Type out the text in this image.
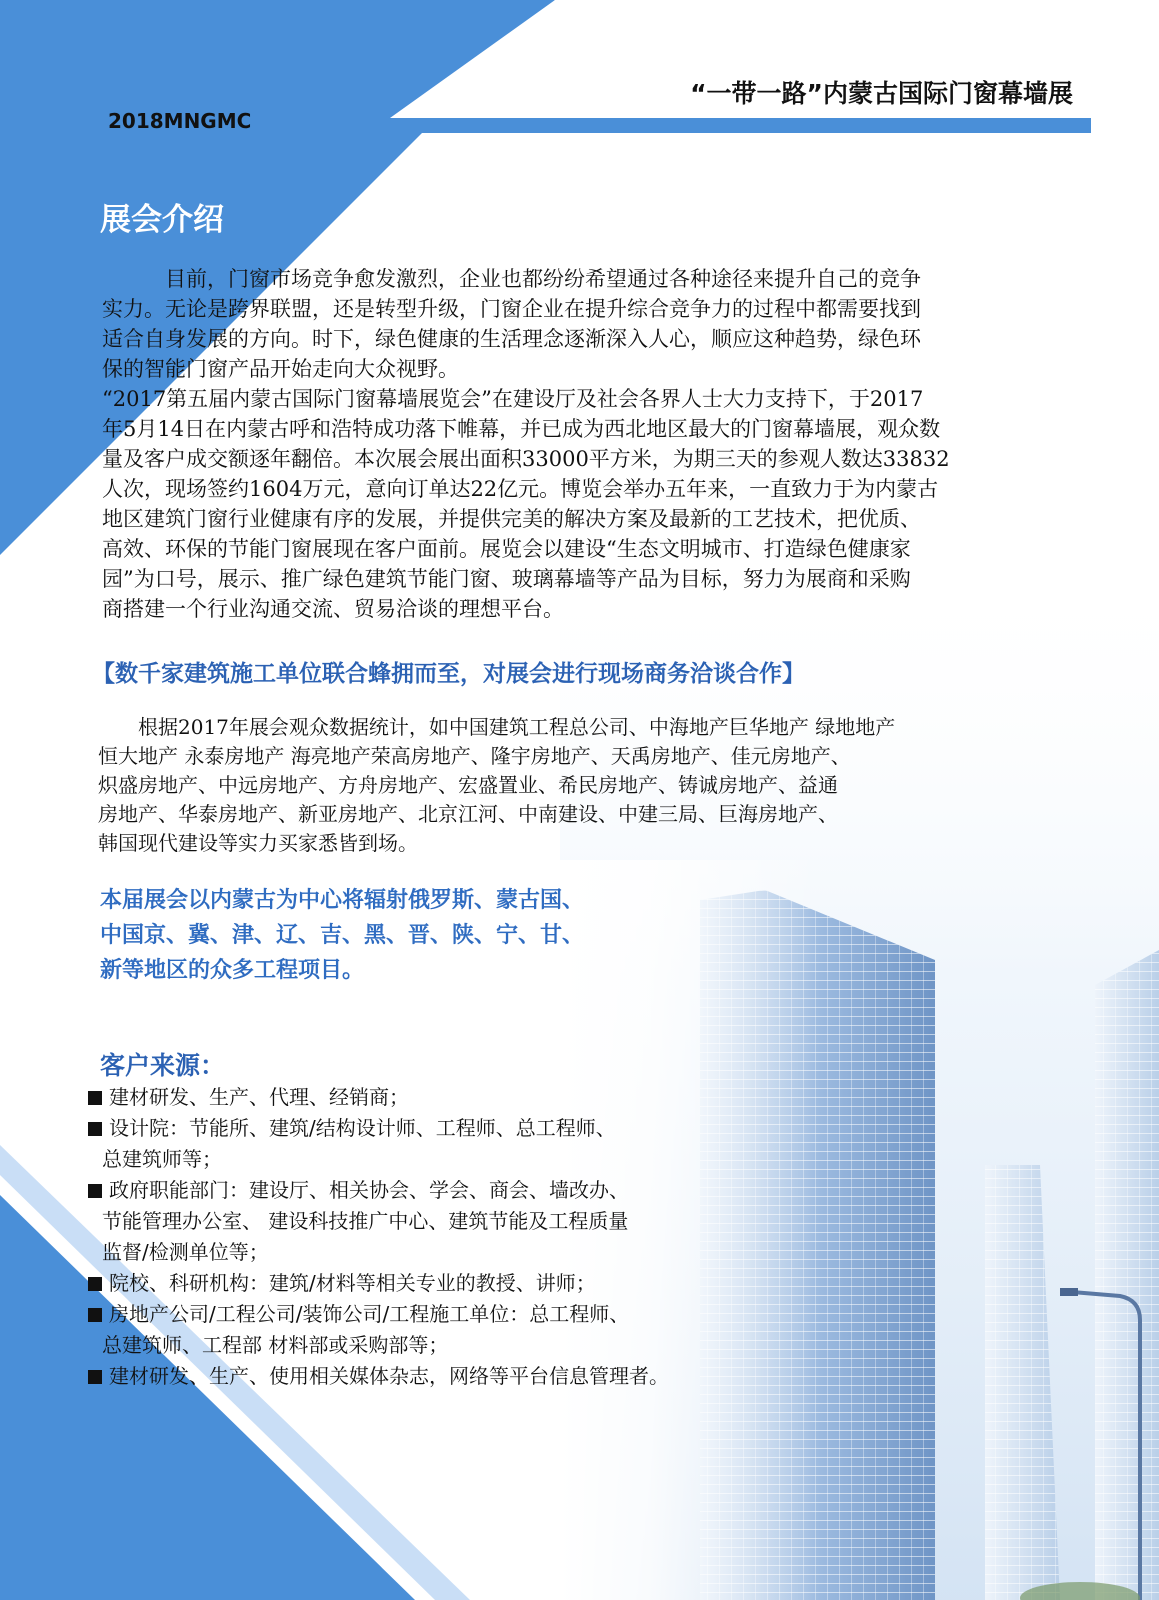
“一带一路”内蒙古国际门窗幕墙展
2018MNGMC
展会介绍

　　　目前，门窗市场竞争愈发激烈，企业也都纷纷希望通过各种途径来提升自己的竞争

实力。无论是跨界联盟，还是转型升级，门窗企业在提升综合竞争力的过程中都需要找到

适合自身发展的方向。时下，绿色健康的生活理念逐渐深入人心，顺应这种趋势，绿色环

保的智能门窗产品开始走向大众视野。

“2017第五届内蒙古国际门窗幕墙展览会”在建设厅及社会各界人士大力支持下，于2017

年5月14日在内蒙古呼和浩特成功落下帷幕，并已成为西北地区最大的门窗幕墙展，观众数

量及客户成交额逐年翻倍。本次展会展出面积33000平方米，为期三天的参观人数达33832

人次，现场签约1604万元，意向订单达22亿元。博览会举办五年来，一直致力于为内蒙古

地区建筑门窗行业健康有序的发展，并提供完美的解决方案及最新的工艺技术，把优质、

高效、环保的节能门窗展现在客户面前。展览会以建设“生态文明城市、打造绿色健康家

园”为口号，展示、推广绿色建筑节能门窗、玻璃幕墙等产品为目标，努力为展商和采购

商搭建一个行业沟通交流、贸易洽谈的理想平台。

【数千家建筑施工单位联合蜂拥而至，对展会进行现场商务洽谈合作】

　　根据2017年展会观众数据统计，如中国建筑工程总公司、中海地产巨华地产 绿地地产

恒大地产 永泰房地产 海亮地产荣高房地产、隆宇房地产、天禹房地产、佳元房地产、

炽盛房地产、中远房地产、方舟房地产、宏盛置业、希民房地产、铸诚房地产、益通

房地产、华泰房地产、新亚房地产、北京江河、中南建设、中建三局、巨海房地产、

韩国现代建设等实力买家悉皆到场。

本届展会以内蒙古为中心将辐射俄罗斯、蒙古国、

中国京、冀、津、辽、吉、黑、晋、陕、宁、甘、

新等地区的众多工程项目。

客户来源：
建材研发、生产、代理、经销商；
设计院：节能所、建筑/结构设计师、工程师、总工程师、
总建筑师等；
政府职能部门：建设厅、相关协会、学会、商会、墙改办、
节能管理办公室、 建设科技推广中心、建筑节能及工程质量
监督/检测单位等；
院校、科研机构：建筑/材料等相关专业的教授、讲师；
房地产公司/工程公司/装饰公司/工程施工单位：总工程师、
总建筑师、工程部 材料部或采购部等；
建材研发、生产、使用相关媒体杂志，网络等平台信息管理者。
